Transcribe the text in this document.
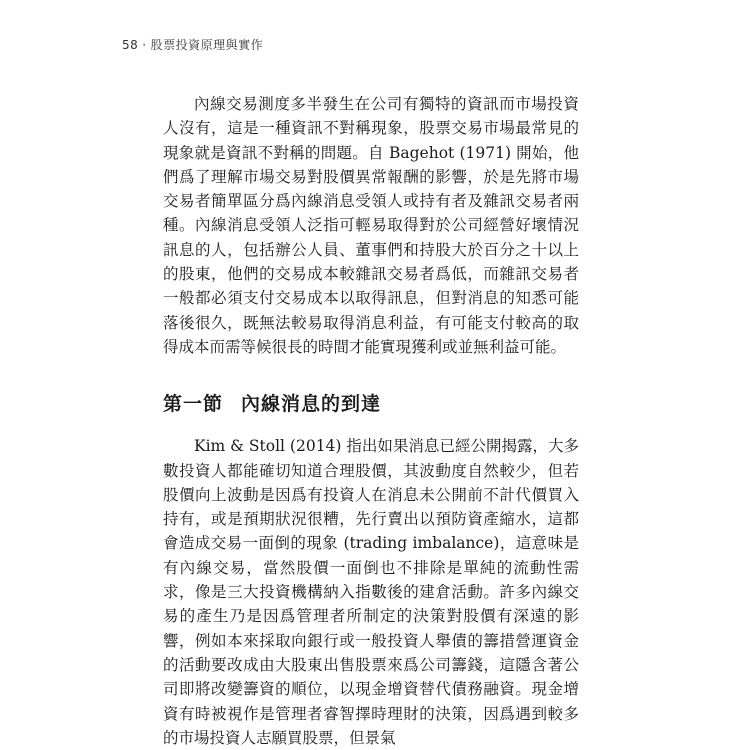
58 · 股票投資原理與實作

內線交易測度多半發生在公司有獨特的資訊而市場投資人沒有，這是一種資訊不對稱現象，股票交易市場最常見的現象就是資訊不對稱的問題。自 Bagehot (1971) 開始，他們爲了理解市場交易對股價異常報酬的影響，於是先將市場交易者簡單區分爲內線消息受領人或持有者及雜訊交易者兩種。內線消息受領人泛指可輕易取得對於公司經營好壞情況訊息的人，包括辦公人員、董事們和持股大於百分之十以上的股東，他們的交易成本較雜訊交易者爲低，而雜訊交易者一般都必須支付交易成本以取得訊息，但對消息的知悉可能落後很久，既無法較易取得消息利益，有可能支付較高的取得成本而需等候很長的時間才能實現獲利或並無利益可能。

第一節 內線消息的到達

Kim & Stoll (2014) 指出如果消息已經公開揭露，大多數投資人都能確切知道合理股價，其波動度自然較少，但若股價向上波動是因爲有投資人在消息未公開前不計代價買入持有，或是預期狀況很糟，先行賣出以預防資產縮水，這都會造成交易一面倒的現象 (trading imbalance)，這意味是有內線交易，當然股價一面倒也不排除是單純的流動性需求，像是三大投資機構納入指數後的建倉活動。許多內線交易的產生乃是因爲管理者所制定的決策對股價有深遠的影響，例如本來採取向銀行或一般投資人舉債的籌措營運資金的活動要改成由大股東出售股票來爲公司籌錢，這隱含著公司即將改變籌資的順位，以現金增資替代債務融資。現金增資有時被視作是管理者睿智擇時理財的決策，因爲遇到較多的市場投資人志願買股票，但景氣
